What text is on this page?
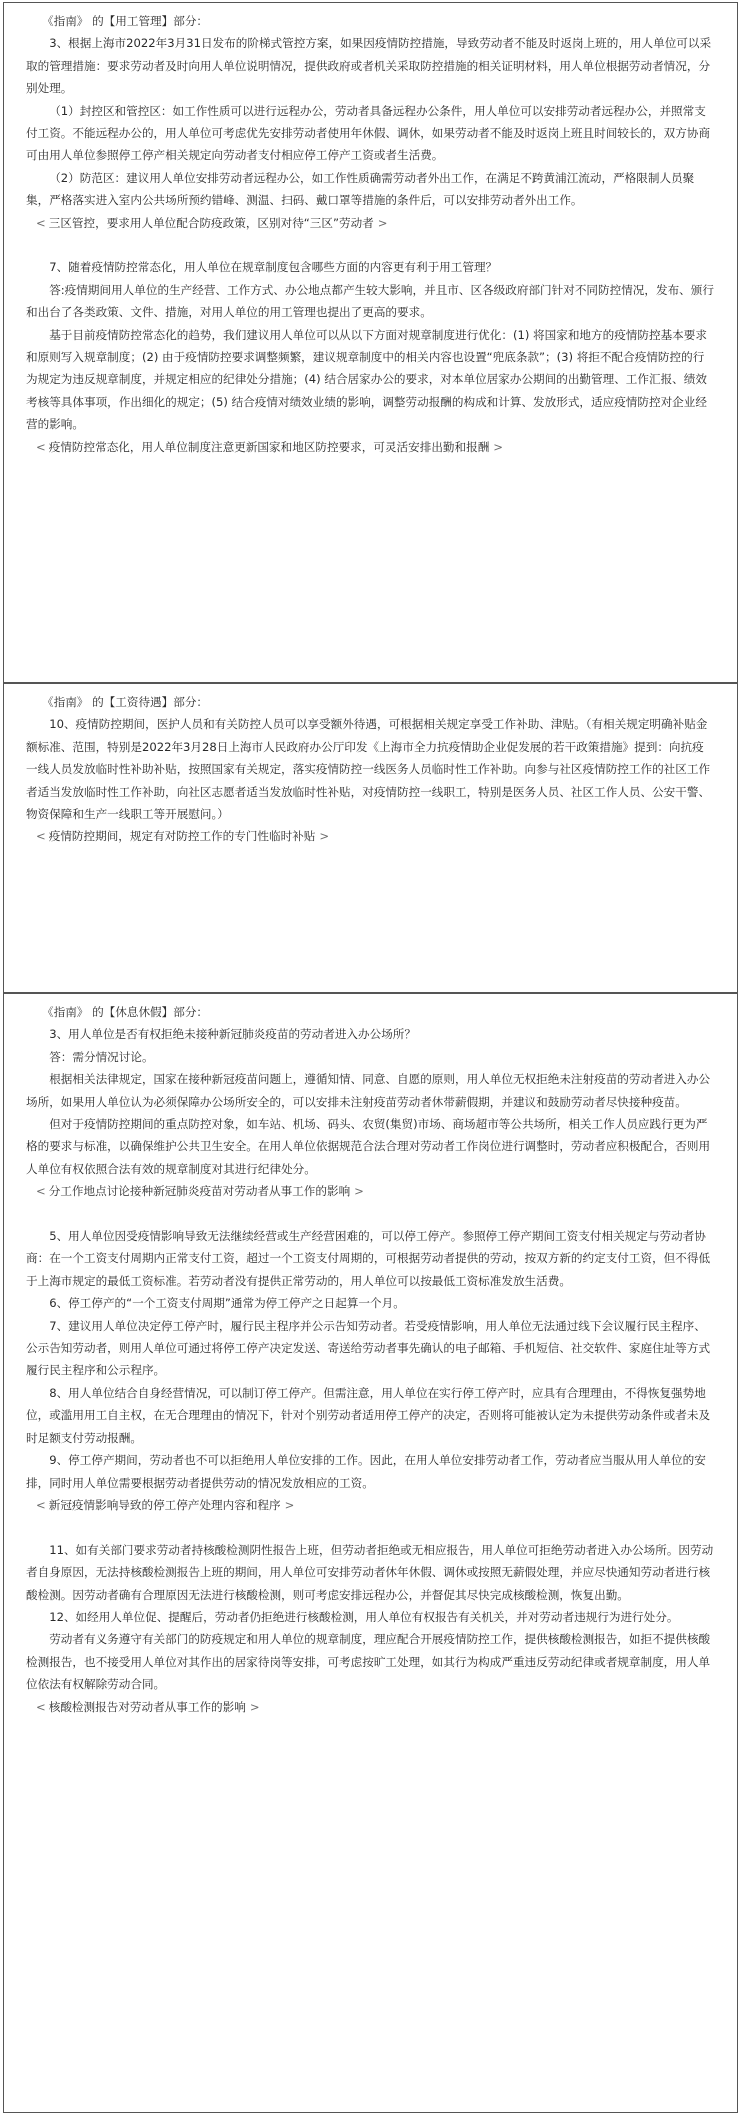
《指南》 的【用工管理】部分：

3、根据上海市2022年3月31日发布的阶梯式管控方案，如果因疫情防控措施，导致劳动者不能及时返岗上班的，用人单位可以采取的管理措施：要求劳动者及时向用人单位说明情况，提供政府或者机关采取防控措施的相关证明材料，用人单位根据劳动者情况，分别处理。

（1）封控区和管控区：如工作性质可以进行远程办公，劳动者具备远程办公条件，用人单位可以安排劳动者远程办公，并照常支付工资。不能远程办公的，用人单位可考虑优先安排劳动者使用年休假、调休，如果劳动者不能及时返岗上班且时间较长的，双方协商可由用人单位参照停工停产相关规定向劳动者支付相应停工停产工资或者生活费。

（2）防范区：建议用人单位安排劳动者远程办公，如工作性质确需劳动者外出工作，在满足不跨黄浦江流动，严格限制人员聚集，严格落实进入室内公共场所预约错峰、测温、扫码、戴口罩等措施的条件后，可以安排劳动者外出工作。

< 三区管控，要求用人单位配合防疫政策，区别对待“三区”劳动者 >

7、随着疫情防控常态化，用人单位在规章制度包含哪些方面的内容更有利于用工管理？

答:疫情期间用人单位的生产经营、工作方式、办公地点都产生较大影响，并且市、区各级政府部门针对不同防控情况，发布、颁行和出台了各类政策、文件、措施，对用人单位的用工管理也提出了更高的要求。

基于目前疫情防控常态化的趋势，我们建议用人单位可以从以下方面对规章制度进行优化：(1) 将国家和地方的疫情防控基本要求和原则写入规章制度；(2) 由于疫情防控要求调整频繁，建议规章制度中的相关内容也设置“兜底条款”；(3) 将拒不配合疫情防控的行为规定为违反规章制度，并规定相应的纪律处分措施；(4) 结合居家办公的要求，对本单位居家办公期间的出勤管理、工作汇报、绩效考核等具体事项，作出细化的规定；(5) 结合疫情对绩效业绩的影响，调整劳动报酬的构成和计算、发放形式，适应疫情防控对企业经营的影响。

< 疫情防控常态化，用人单位制度注意更新国家和地区防控要求，可灵活安排出勤和报酬 >

《指南》 的【工资待遇】部分：

10、疫情防控期间，医护人员和有关防控人员可以享受额外待遇，可根据相关规定享受工作补助、津贴。（有相关规定明确补贴金额标准、范围，特别是2022年3月28日上海市人民政府办公厅印发《上海市全力抗疫情助企业促发展的若干政策措施》提到：向抗疫一线人员发放临时性补助补贴，按照国家有关规定，落实疫情防控一线医务人员临时性工作补助。向参与社区疫情防控工作的社区工作者适当发放临时性工作补助，向社区志愿者适当发放临时性补贴，对疫情防控一线职工，特别是医务人员、社区工作人员、公安干警、物资保障和生产一线职工等开展慰问。）

< 疫情防控期间，规定有对防控工作的专门性临时补贴 >

《指南》 的【休息休假】部分：

3、用人单位是否有权拒绝未接种新冠肺炎疫苗的劳动者进入办公场所？

答：需分情况讨论。

根据相关法律规定，国家在接种新冠疫苗问题上，遵循知情、同意、自愿的原则，用人单位无权拒绝未注射疫苗的劳动者进入办公场所，如果用人单位认为必须保障办公场所安全的，可以安排未注射疫苗劳动者休带薪假期，并建议和鼓励劳动者尽快接种疫苗。

但对于疫情防控期间的重点防控对象，如车站、机场、码头、农贸(集贸)市场、商场超市等公共场所，相关工作人员应践行更为严格的要求与标准，以确保维护公共卫生安全。在用人单位依据规范合法合理对劳动者工作岗位进行调整时，劳动者应积极配合，否则用人单位有权依照合法有效的规章制度对其进行纪律处分。

< 分工作地点讨论接种新冠肺炎疫苗对劳动者从事工作的影响 >

5、用人单位因受疫情影响导致无法继续经营或生产经营困难的，可以停工停产。参照停工停产期间工资支付相关规定与劳动者协商：在一个工资支付周期内正常支付工资，超过一个工资支付周期的，可根据劳动者提供的劳动，按双方新的约定支付工资，但不得低于上海市规定的最低工资标准。若劳动者没有提供正常劳动的，用人单位可以按最低工资标准发放生活费。

6、停工停产的“一个工资支付周期”通常为停工停产之日起算一个月。

7、建议用人单位决定停工停产时，履行民主程序并公示告知劳动者。若受疫情影响，用人单位无法通过线下会议履行民主程序、公示告知劳动者，则用人单位可通过将停工停产决定发送、寄送给劳动者事先确认的电子邮箱、手机短信、社交软件、家庭住址等方式履行民主程序和公示程序。

8、用人单位结合自身经营情况，可以制订停工停产。但需注意，用人单位在实行停工停产时，应具有合理理由，不得恢复强势地位，或滥用用工自主权，在无合理理由的情况下，针对个别劳动者适用停工停产的决定，否则将可能被认定为未提供劳动条件或者未及时足额支付劳动报酬。

9、停工停产期间，劳动者也不可以拒绝用人单位安排的工作。因此，在用人单位安排劳动者工作，劳动者应当服从用人单位的安排，同时用人单位需要根据劳动者提供劳动的情况发放相应的工资。

< 新冠疫情影响导致的停工停产处理内容和程序 >

11、如有关部门要求劳动者持核酸检测阴性报告上班，但劳动者拒绝或无相应报告，用人单位可拒绝劳动者进入办公场所。因劳动者自身原因，无法持核酸检测报告上班的期间，用人单位可安排劳动者休年休假、调休或按照无薪假处理，并应尽快通知劳动者进行核酸检测。因劳动者确有合理原因无法进行核酸检测，则可考虑安排远程办公，并督促其尽快完成核酸检测，恢复出勤。

12、如经用人单位促、提醒后，劳动者仍拒绝进行核酸检测，用人单位有权报告有关机关，并对劳动者违规行为进行处分。

劳动者有义务遵守有关部门的防疫规定和用人单位的规章制度，理应配合开展疫情防控工作，提供核酸检测报告，如拒不提供核酸检测报告，也不接受用人单位对其作出的居家待岗等安排，可考虑按旷工处理，如其行为构成严重违反劳动纪律或者规章制度，用人单位依法有权解除劳动合同。

< 核酸检测报告对劳动者从事工作的影响 >
